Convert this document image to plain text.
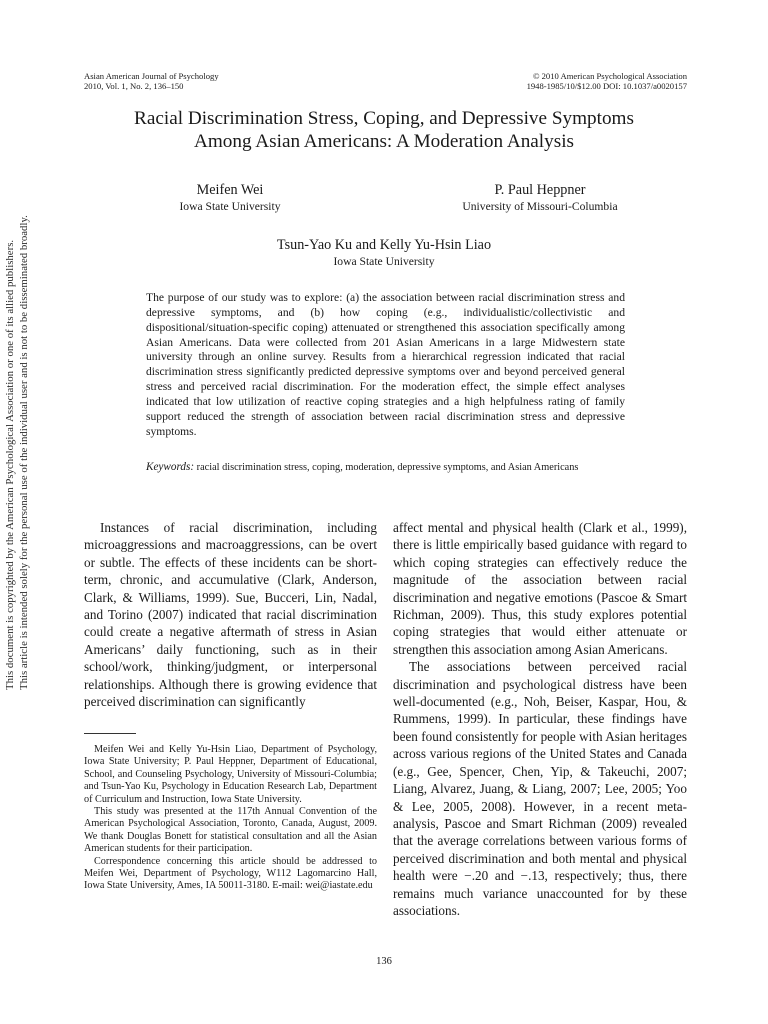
Asian American Journal of Psychology
2010, Vol. 1, No. 2, 136–150
© 2010 American Psychological Association
1948-1985/10/$12.00 DOI: 10.1037/a0020157
Racial Discrimination Stress, Coping, and Depressive Symptoms
Among Asian Americans: A Moderation Analysis
Meifen Wei
Iowa State University
P. Paul Heppner
University of Missouri-Columbia
Tsun-Yao Ku and Kelly Yu-Hsin Liao
Iowa State University
The purpose of our study was to explore: (a) the association between racial discrimination stress and depressive symptoms, and (b) how coping (e.g., individualistic/collectivistic and dispositional/situation-specific coping) attenuated or strengthened this association specifically among Asian Americans. Data were collected from 201 Asian Americans in a large Midwestern state university through an online survey. Results from a hierarchical regression indicated that racial discrimination stress significantly predicted depressive symptoms over and beyond perceived general stress and perceived racial discrimination. For the moderation effect, the simple effect analyses indicated that low utilization of reactive coping strategies and a high helpfulness rating of family support reduced the strength of association between racial discrimination stress and depressive symptoms.
Keywords: racial discrimination stress, coping, moderation, depressive symptoms, and Asian Americans

Instances of racial discrimination, including microaggressions and macroaggressions, can be overt or subtle. The effects of these incidents can be short-term, chronic, and accumulative (Clark, Anderson, Clark, & Williams, 1999). Sue, Bucceri, Lin, Nadal, and Torino (2007) indicated that racial discrimination could create a negative aftermath of stress in Asian Americans’ daily functioning, such as in their school/work, thinking/judgment, or interpersonal relationships. Although there is growing evidence that perceived discrimination can significantly

affect mental and physical health (Clark et al., 1999), there is little empirically based guidance with regard to which coping strategies can effectively reduce the magnitude of the association between racial discrimination and negative emotions (Pascoe & Smart Richman, 2009). Thus, this study explores potential coping strategies that would either attenuate or strengthen this association among Asian Americans.

The associations between perceived racial discrimination and psychological distress have been well-documented (e.g., Noh, Beiser, Kaspar, Hou, & Rummens, 1999). In particular, these findings have been found consistently for people with Asian heritages across various regions of the United States and Canada (e.g., Gee, Spencer, Chen, Yip, & Takeuchi, 2007; Liang, Alvarez, Juang, & Liang, 2007; Lee, 2005; Yoo & Lee, 2005, 2008). However, in a recent meta-analysis, Pascoe and Smart Richman (2009) revealed that the average correlations between various forms of perceived discrimination and both mental and physical health were −.20 and −.13, respectively; thus, there remains much variance unaccounted for by these associations.

Meifen Wei and Kelly Yu-Hsin Liao, Department of Psychology, Iowa State University; P. Paul Heppner, Department of Educational, School, and Counseling Psychology, University of Missouri-Columbia; and Tsun-Yao Ku, Psychology in Education Research Lab, Department of Curriculum and Instruction, Iowa State University.

This study was presented at the 117th Annual Convention of the American Psychological Association, Toronto, Canada, August, 2009. We thank Douglas Bonett for statistical consultation and all the Asian American students for their participation.

Correspondence concerning this article should be addressed to Meifen Wei, Department of Psychology, W112 Lagomarcino Hall, Iowa State University, Ames, IA 50011-3180. E-mail: wei@iastate.edu

136
This document is copyrighted by the American Psychological Association or one of its allied publishers. This article is intended solely for the personal use of the individual user and is not to be disseminated broadly.
